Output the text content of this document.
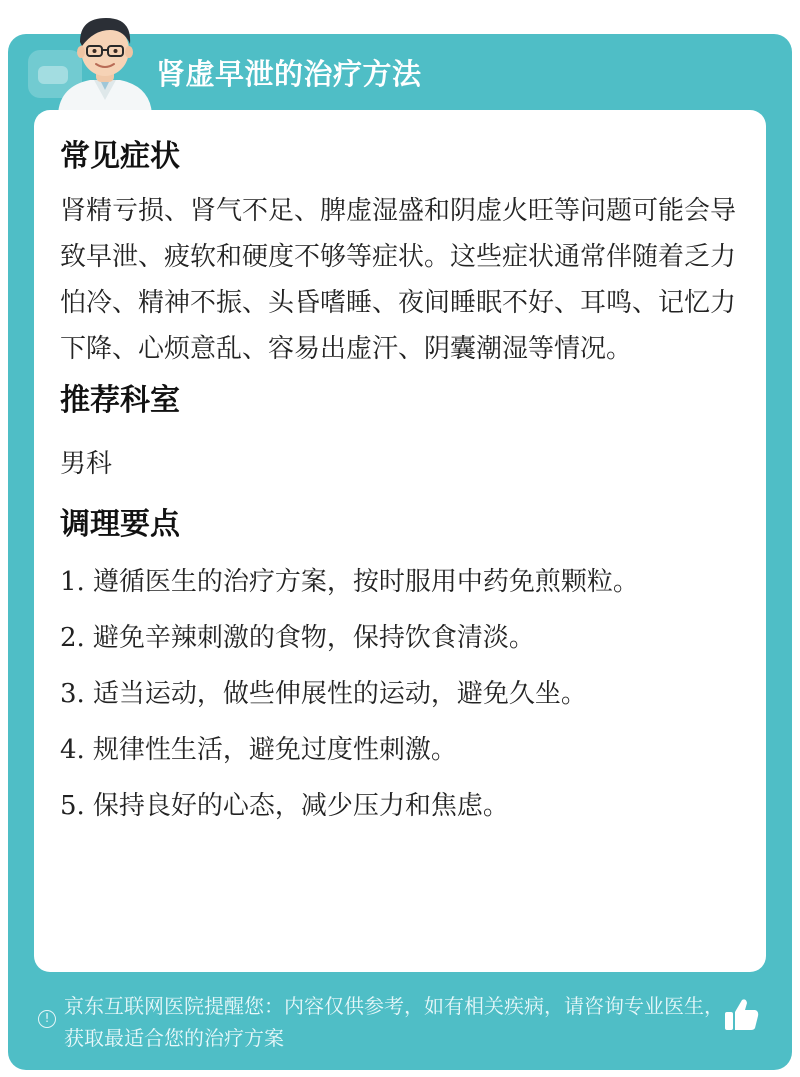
肾虚早泄的治疗方法
常见症状
肾精亏损、肾气不足、脾虚湿盛和阴虚火旺等问题可能会导致早泄、疲软和硬度不够等症状。这些症状通常伴随着乏力怕冷、精神不振、头昏嗜睡、夜间睡眠不好、耳鸣、记忆力下降、心烦意乱、容易出虚汗、阴囊潮湿等情况。
推荐科室
男科
调理要点
1. 遵循医生的治疗方案，按时服用中药免煎颗粒。
2. 避免辛辣刺激的食物，保持饮食清淡。
3. 适当运动，做些伸展性的运动，避免久坐。
4. 规律性生活，避免过度性刺激。
5. 保持良好的心态，减少压力和焦虑。
! 京东互联网医院提醒您：内容仅供参考，如有相关疾病，请咨询专业医生，获取最适合您的治疗方案
